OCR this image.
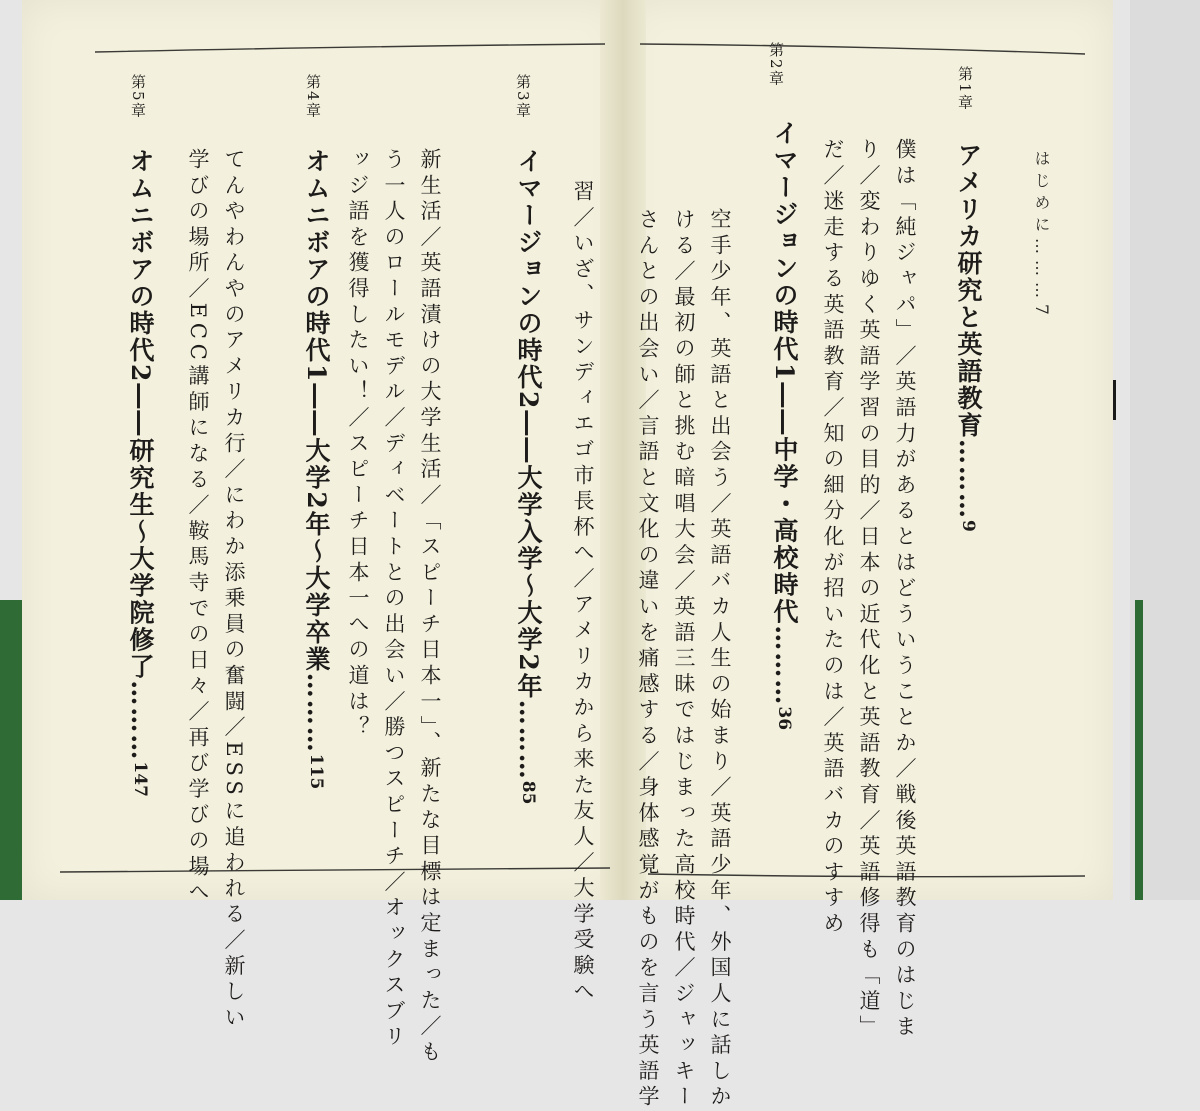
はじめに………7
第1章
アメリカ研究と英語教育………9
僕は「純ジャパ」／英語力があるとはどういうことか／戦後英語教育のはじま
り／変わりゆく英語学習の目的／日本の近代化と英語教育／英語修得も「道」
だ／迷走する英語教育／知の細分化が招いたのは／英語バカのすすめ
第2章
イマージョンの時代1――中学・高校時代………36
空手少年、英語と出会う／英語バカ人生の始まり／英語少年、外国人に話しか
ける／最初の師と挑む暗唱大会／英語三昧ではじまった高校時代／ジャッキー
さんとの出会い／言語と文化の違いを痛感する／身体感覚がものを言う英語学
習／いざ、サンディエゴ市長杯へ／アメリカから来た友人／大学受験へ
第3章
イマージョンの時代2――大学入学〜大学2年………85
新生活／英語漬けの大学生活／「スピーチ日本一」、新たな目標は定まった／も
う一人のロールモデル／ディベートとの出会い／勝つスピーチ／オックスブリ
ッジ語を獲得したい！／スピーチ日本一への道は？
第4章
オムニボアの時代1――大学2年〜大学卒業………115
てんやわんやのアメリカ行／にわか添乗員の奮闘／ESSに追われる／新しい
学びの場所／ECC講師になる／鞍馬寺での日々／再び学びの場へ
第5章
オムニボアの時代2――研究生〜大学院修了………147
